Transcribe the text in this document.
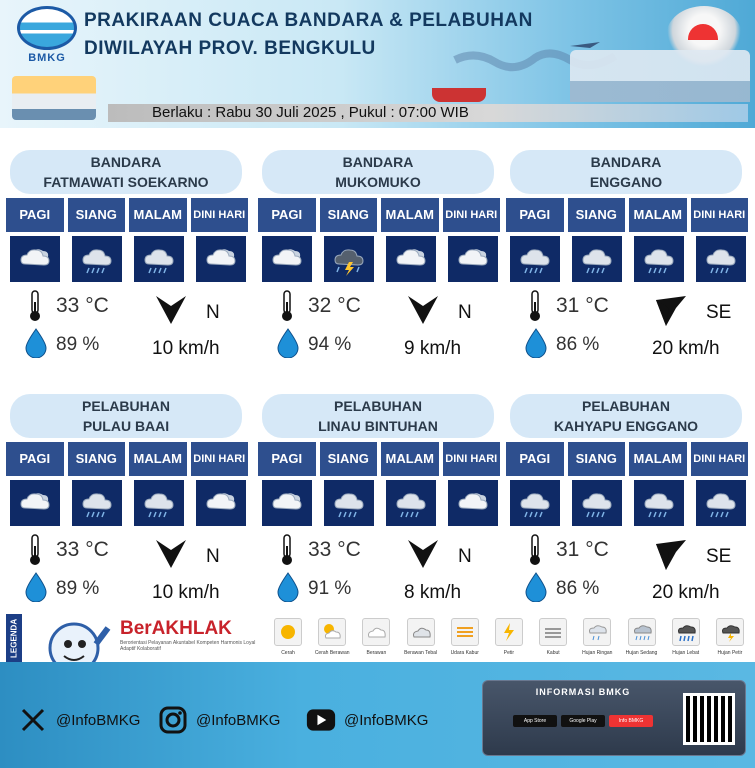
BMKG
PRAKIRAAN CUACA BANDARA & PELABUHAN
DIWILAYAH PROV. BENGKULU
Berlaku : Rabu 30 Juli 2025 , Pukul : 07:00 WIB
BANDARA
FATMAWATI SOEKARNO
PAGI	SIANG	MALAM	DINI HARI
33 °C
89 %
N
10 km/h
BANDARA
MUKOMUKO
PAGI	SIANG	MALAM	DINI HARI
32 °C
94 %
N
9 km/h
BANDARA
ENGGANO
PAGI	SIANG	MALAM	DINI HARI
31 °C
86 %
SE
20 km/h
PELABUHAN
PULAU BAAI
PAGI	SIANG	MALAM	DINI HARI
33 °C
89 %
N
10 km/h
PELABUHAN
LINAU BINTUHAN
PAGI	SIANG	MALAM	DINI HARI
33 °C
91 %
N
8 km/h
PELABUHAN
KAHYAPU ENGGANO
PAGI	SIANG	MALAM	DINI HARI
31 °C
86 %
SE
20 km/h
LEGENDA	BerAKHLAK
Berorientasi Pelayanan Akuntabel Kompeten Harmonis Loyal Adaptif Kolaboratif
Cerah	Cerah Berawan	Berawan	Berawan Tebal	Udara Kabur	Petir	Kabut	Hujan Ringan	Hujan Sedang	Hujan Lebat	Hujan Petir
@InfoBMKG	@InfoBMKG	@InfoBMKG
INFORMASI BMKG
App Store	Google Play	Info BMKG
